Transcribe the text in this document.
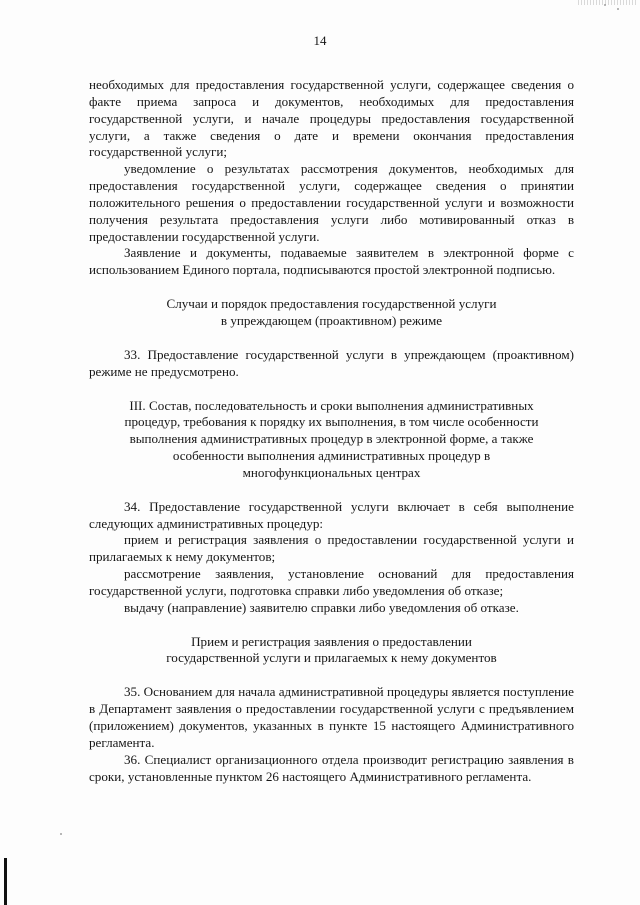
14

необходимых для предоставления государственной услуги, содержащее сведения о факте приема запроса и документов, необходимых для предоставления государственной услуги, и начале процедуры предоставления государственной услуги, а также сведения о дате и времени окончания предоставления государственной услуги;

уведомление о результатах рассмотрения документов, необходимых для предоставления государственной услуги, содержащее сведения о принятии положительного решения о предоставлении государственной услуги и возможности получения результата предоставления услуги либо мотивированный отказ в предоставлении государственной услуги.

Заявление и документы, подаваемые заявителем в электронной форме с использованием Единого портала, подписываются простой электронной подписью.

Случаи и порядок предоставления государственной услуги
в упреждающем (проактивном) режиме

33. Предоставление государственной услуги в упреждающем (проактивном) режиме не предусмотрено.

III. Состав, последовательность и сроки выполнения административных
процедур, требования к порядку их выполнения, в том числе особенности
выполнения административных процедур в электронной форме, а также
особенности выполнения административных процедур в
многофункциональных центрах

34. Предоставление государственной услуги включает в себя выполнение следующих административных процедур:

прием и регистрация заявления о предоставлении государственной услуги и прилагаемых к нему документов;

рассмотрение заявления, установление оснований для предоставления государственной услуги, подготовка справки либо уведомления об отказе;

выдачу (направление) заявителю справки либо уведомления об отказе.

Прием и регистрация заявления о предоставлении
государственной услуги и прилагаемых к нему документов

35. Основанием для начала административной процедуры является поступление в Департамент заявления о предоставлении государственной услуги с предъявлением (приложением) документов, указанных в пункте 15 настоящего Административного регламента.

36. Специалист организационного отдела производит регистрацию заявления в сроки, установленные пунктом 26 настоящего Административного регламента.
